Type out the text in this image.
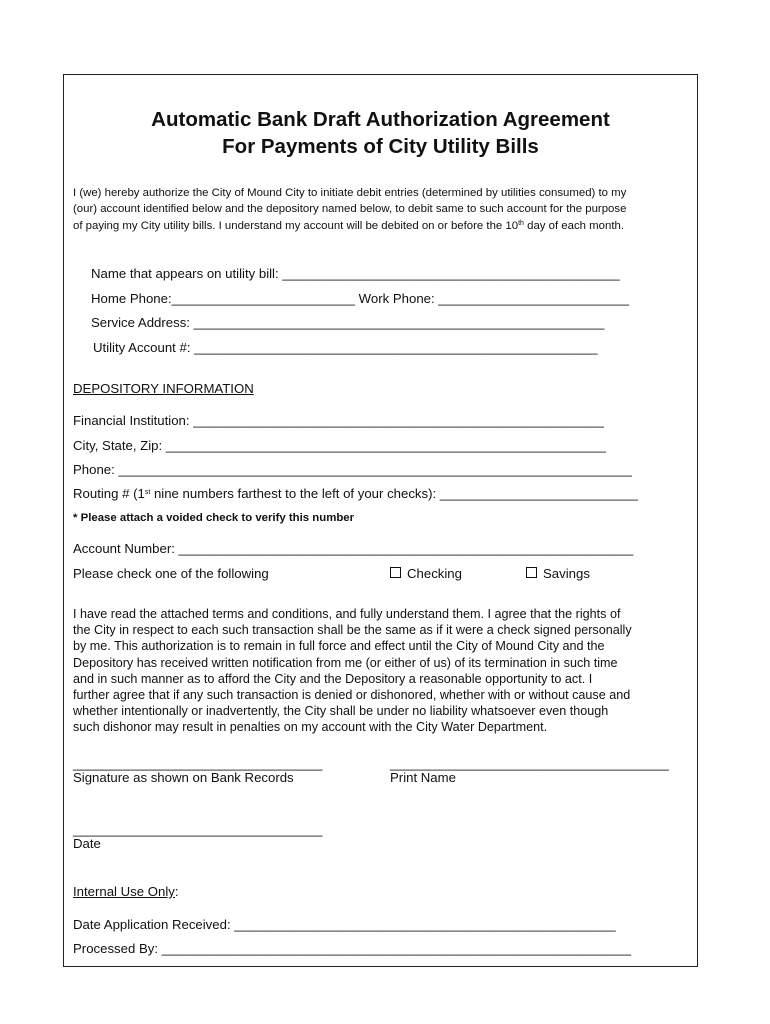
Automatic Bank Draft Authorization Agreement
For Payments of City Utility Bills
I (we) hereby authorize the City of Mound City to initiate debit entries (determined by utilities consumed) to my
(our) account identified below and the depository named below, to debit same to such account for the purpose
of paying my City utility bills. I understand my account will be debited on or before the 10th day of each month.
Name that appears on utility bill: ______________________________________________
Home Phone:_________________________ Work Phone: __________________________
Service Address: ________________________________________________________
Utility Account #: _______________________________________________________
DEPOSITORY INFORMATION
Financial Institution: ________________________________________________________
City, State, Zip: ____________________________________________________________
Phone: ______________________________________________________________________
Routing # (1st nine numbers farthest to the left of your checks): ___________________________
* Please attach a voided check to verify this number
Account Number: ______________________________________________________________
Please check one of the following	Checking	Savings
I have read the attached terms and conditions, and fully understand them. I agree that the rights of
the City in respect to each such transaction shall be the same as if it were a check signed personally
by me. This authorization is to remain in full force and effect until the City of Mound City and the
Depository has received written notification from me (or either of us) of its termination in such time
and in such manner as to afford the City and the Depository a reasonable opportunity to act. I
further agree that if any such transaction is denied or dishonored, whether with or without cause and
whether intentionally or inadvertently, the City shall be under no liability whatsoever even though
such dishonor may result in penalties on my account with the City Water Department.
__________________________________
Signature as shown on Bank Records
______________________________________
Print Name
__________________________________
Date
Internal Use Only:
Date Application Received: ____________________________________________________
Processed By: ________________________________________________________________
